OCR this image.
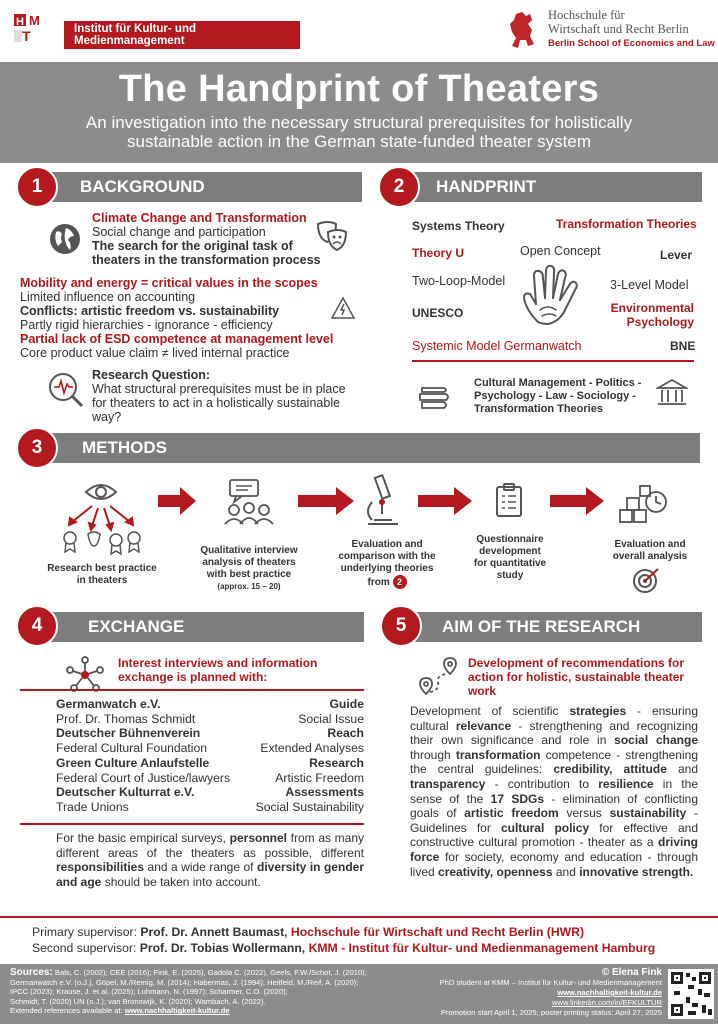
H M
T	Institut für Kultur- und Medienmanagement
Hochschule für
Wirtschaft und Recht Berlin
Berlin School of Economics and Law
The Handprint of Theaters
An investigation into the necessary structural prerequisites for holistically
sustainable action in the German state-funded theater system
BACKGROUND
1
Climate Change and Transformation
Social change and participation
The search for the original task of
theaters in the transformation process
Mobility and energy = critical values in the scopes
Limited influence on accounting
Conflicts: artistic freedom vs. sustainability
Partly rigid hierarchies - ignorance - efficiency
Partial lack of ESD competence at management level
Core product value claim ≠ lived internal practice
Research Question:
What structural prerequisites must be in place
for theaters to act in a holistically sustainable
way?
HANDPRINT
2
Systems Theory	Transformation Theories
Theory U	Open Concept	Lever
Two-Loop-Model	3-Level Model
UNESCO	Environmental
Psychology
Systemic Model Germanwatch	BNE
Cultural Management - Politics -
Psychology - Law - Sociology -
Transformation Theories
METHODS
3
Research best practice
in theaters
Qualitative interview
analysis of theaters
with best practice
(approx. 15 – 20)
Evaluation and
comparison with the
underlying theories
from 2
Questionnaire
development
for quantitative
study
Evaluation and
overall analysis
EXCHANGE
4
Interest interviews and information
exchange is planned with:
Germanwatch e.V.	Guide
Prof. Dr. Thomas Schmidt	Social Issue
Deutscher Bühnenverein	Reach
Federal Cultural Foundation	Extended Analyses
Green Culture Anlaufstelle	Research
Federal Court of Justice/lawyers	Artistic Freedom
Deutscher Kulturrat e.V.	Assessments
Trade Unions	Social Sustainability
For the basic empirical surveys, personnel from as many different areas of the theaters as possible, different responsibilities and a wide range of diversity in gender and age should be taken into account.
AIM OF THE RESEARCH
5
Development of recommendations for
action for holistic, sustainable theater
work
Development of scientific strategies - ensuring cultural relevance - strengthening and recognizing their own significance and role in social change through transformation competence - strengthening the central guidelines: credibility, attitude and transparency - contribution to resilience in the sense of the 17 SDGs - elimination of conflicting goals of artistic freedom versus sustainability - Guidelines for cultural policy for effective and constructive cultural promotion - theater as a driving force for society, economy and education - through lived creativity, openness and innovative strength.
Primary supervisor: Prof. Dr. Annett Baumast, Hochschule für Wirtschaft und Recht Berlin (HWR)
Second supervisor: Prof. Dr. Tobias Wollermann, KMM - Institut für Kultur- und Medienmanagement Hamburg
Sources: Bals, C. (2002); CEE (2016); Fink, E. (2025), Gadola C. (2022), Geels, F.W./Schot, J. (2010);
Germanwatch e.V. (o.J.), Göpel, M./Remig, M. (2014); Habermas, J. (1994); Heitfeld, M./Reif, A. (2020);
IPCC (2023); Krause, J. et al. (2025); Luhmann, N. (1997); Scharmer, C.O. (2020);
Schmidt, T. (2020) UN (o.J.); van Bronswijk, K. (2020); Wambach, A. (2022).
Extended references available at: www.nachhaltigkeit-kultur.de
© Elena Fink
PhD student at KMM – Institut für Kultur- und Medienmanagement
www.nachhaltigkeit-kultur.de
www.linkedin.com/in/EFKULTUR
Promotion start April 1, 2025; poster printing status: April 27, 2025
